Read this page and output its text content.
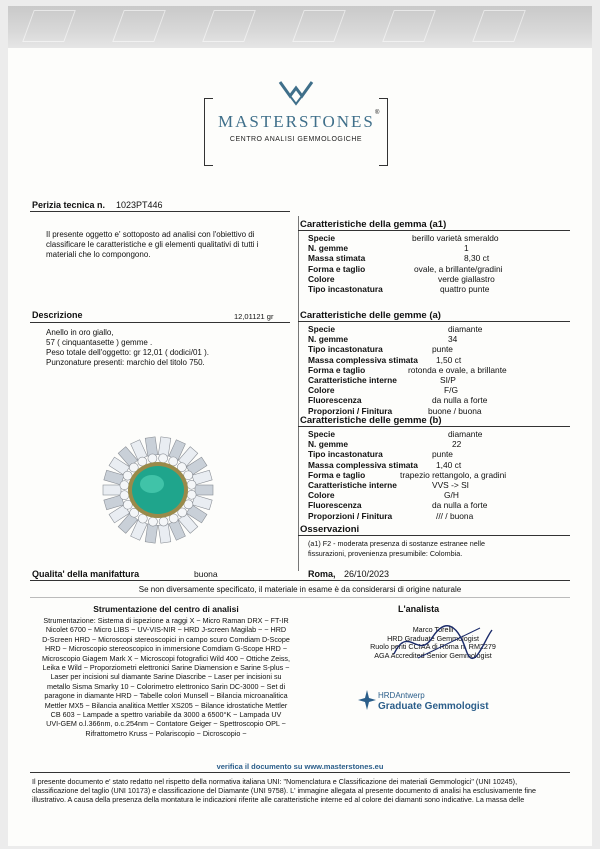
MASTERSTONES ®
CENTRO ANALISI GEMMOLOGICHE
Perizia tecnica n. 1023PT446
Il presente oggetto e' sottoposto ad analisi con l'obiettivo di
classificare le caratteristiche e gli elementi qualitativi di tutti i
materiali che lo compongono.
Descrizione	12,01121 gr
Anello in oro giallo,
57 ( cinquantasette ) gemme .
Peso totale dell'oggetto: gr 12,01 ( dodici/01 ).
Punzonature presenti: marchio del titolo 750.
Caratteristiche della gemma (a1)
Specie	berillo varietà smeraldo
N. gemme	1
Massa stimata	8,30 ct
Forma e taglio	ovale, a brillante/gradini
Colore	verde giallastro
Tipo incastonatura	quattro punte
Caratteristiche delle gemme (a)
Specie	diamante
N. gemme	34
Tipo incastonatura	punte
Massa complessiva stimata 1,50 ct
Forma e taglio	rotonda e ovale, a brillante
Caratteristiche interne	SI/P
Colore	F/G
Fluorescenza	da nulla a forte
Proporzioni / Finitura	buone / buona
Caratteristiche delle gemme (b)
Specie	diamante
N. gemme	22
Tipo incastonatura	punte
Massa complessiva stimata 1,40 ct
Forma e taglio	trapezio rettangolo, a gradini
Caratteristiche interne	VVS -> SI
Colore	G/H
Fluorescenza	da nulla a forte
Proporzioni / Finitura	/// / buona
Osservazioni
(a1) F2 - moderata presenza di sostanze estranee nelle
fissurazioni, provenienza presumibile: Colombia.
Qualita' della manifattura	buona	Roma, 26/10/2023
Se non diversamente specificato, il materiale in esame è da considerarsi di origine naturale
Strumentazione del centro di analisi
Strumentazione: Sistema di ispezione a raggi X ~ Micro Raman DRX ~ FT-IR
Nicolet 6700 ~ Micro LIBS ~ UV-VIS-NIR ~ HRD J-screen Magilab ~ ~ HRD
D-Screen HRD ~ Microscopi stereoscopici in campo scuro Comdiam D-Scope
HRD ~ Microscopio stereoscopico in immersione Comdiam G-Scope HRD ~
Microscopio Giagem Mark X ~ Microscopi fotografici Wild 400 ~ Ottiche Zeiss,
Leika e Wild ~ Proporziometri elettronici Sarine Diamension e Sarine S-plus ~
Laser per incisioni sul diamante Sarine Diascribe ~ Laser per incisioni su
metallo Sisma Smarky 10 ~ Colorimetro elettronico Sarin DC-3000 ~ Set di
paragone in diamante HRD ~ Tabelle colori Munsell ~ Bilancia microanalitica
Mettler MX5 ~ Bilancia analitica Mettler XS205 ~ Bilance idrostatiche Mettler
CB 603 ~ Lampade a spettro variabile da 3000 a 6500°K ~ Lampada UV
UVI-GEM o.l.366nm, o.c.254nm ~ Contatore Geiger ~ Spettroscopio OPL ~
Rifrattometro Kruss ~ Polariscopio ~ Dicroscopio ~
L'analista
Marco Torelli
HRD Graduate Gemmologist
Ruolo periti CCIAA di Roma n. RM2279
AGA Accredited Senior Gemmologist
HRDAntwerp
Graduate Gemmologist
verifica il documento su www.masterstones.eu
Il presente documento e' stato redatto nel rispetto della normativa italiana UNI: "Nomenclatura e Classificazione dei materiali Gemmologici" (UNI 10245),
classificazione del taglio (UNI 10173) e classificazione del Diamante (UNI 9758). L' immagine allegata al presente documento di analisi ha esclusivamente fine
illustrativo. A causa della presenza della montatura le indicazioni riferite alle caratteristiche interne ed al colore dei diamanti sono indicative. La massa delle
